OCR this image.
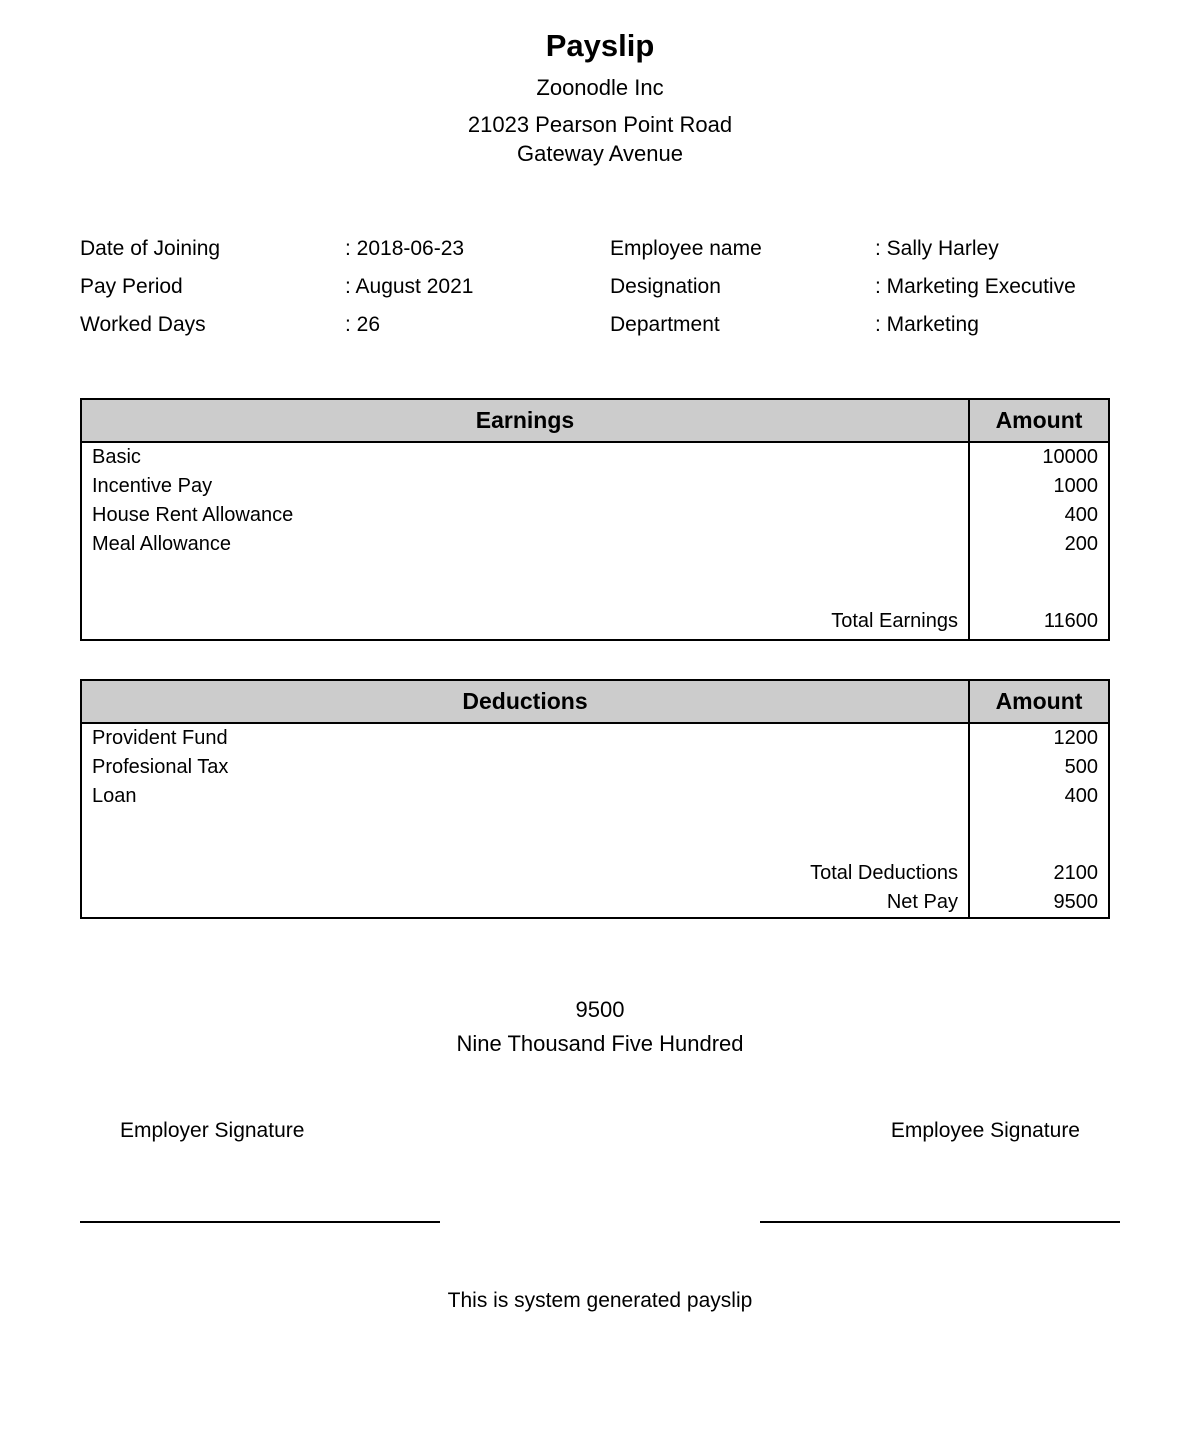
Payslip
Zoonodle Inc
21023 Pearson Point Road
Gateway Avenue
Date of Joining	: 2018-06-23
Pay Period	: August 2021
Worked Days	: 26
Employee name	: Sally Harley
Designation	: Marketing Executive
Department	: Marketing
Earnings	Amount
Basic	10000
Incentive Pay	1000
House Rent Allowance	400
Meal Allowance	200

Total Earnings	11600
Deductions	Amount
Provident Fund	1200
Profesional Tax	500
Loan	400

Total Deductions	2100
Net Pay	9500
9500
Nine Thousand Five Hundred
Employer Signature	Employee Signature
This is system generated payslip
